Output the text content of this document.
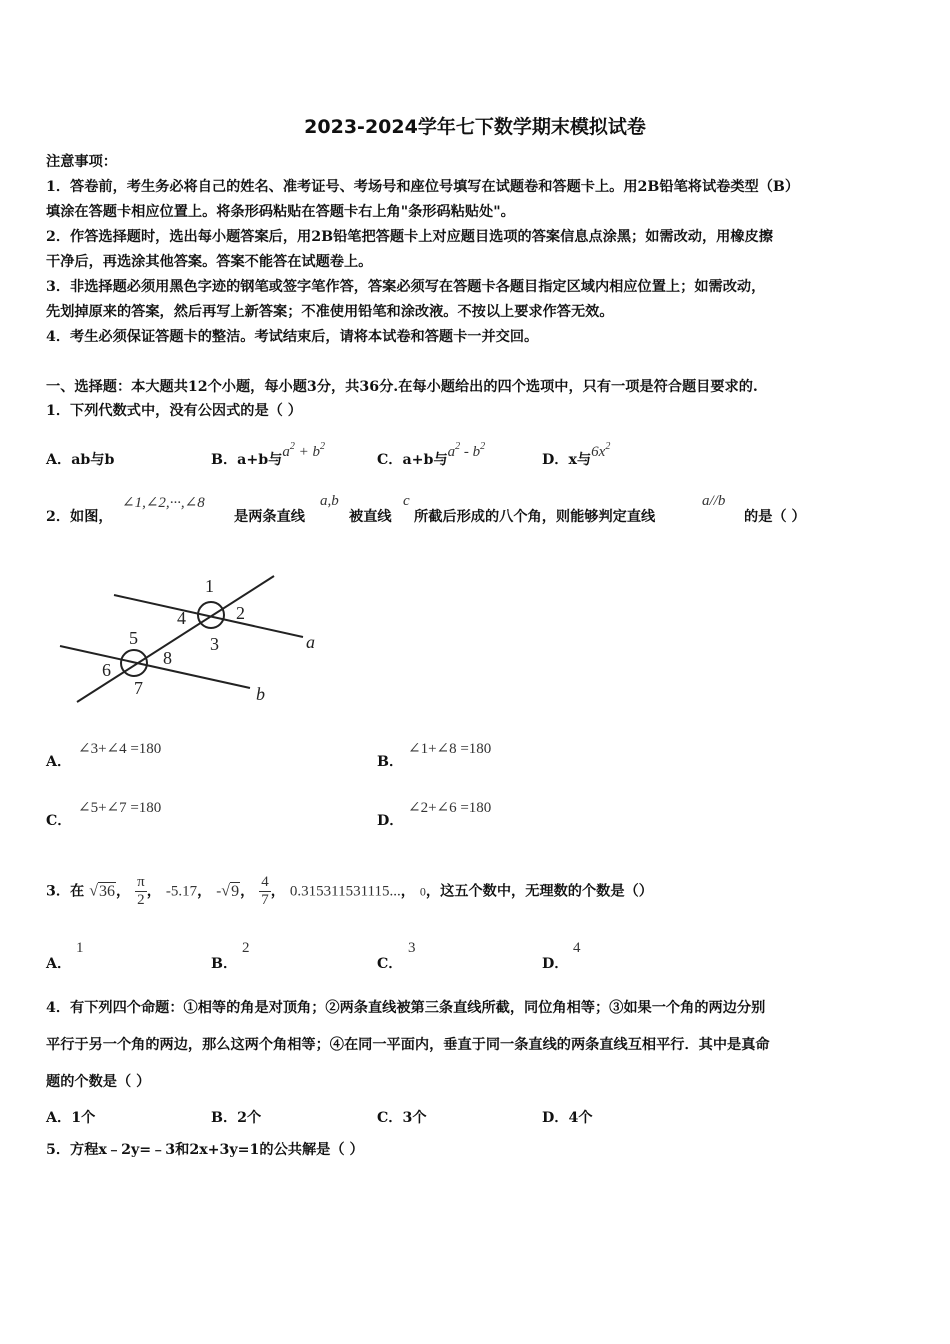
2023-2024学年七下数学期末模拟试卷
注意事项：
1．答卷前，考生务必将自己的姓名、准考证号、考场号和座位号填写在试题卷和答题卡上。用2B铅笔将试卷类型（B）
填涂在答题卡相应位置上。将条形码粘贴在答题卡右上角"条形码粘贴处"。
2．作答选择题时，选出每小题答案后，用2B铅笔把答题卡上对应题目选项的答案信息点涂黑；如需改动，用橡皮擦
干净后，再选涂其他答案。答案不能答在试题卷上。
3．非选择题必须用黑色字迹的钢笔或签字笔作答，答案必须写在答题卡各题目指定区域内相应位置上；如需改动，
先划掉原来的答案，然后再写上新答案；不准使用铅笔和涂改液。不按以上要求作答无效。
4．考生必须保证答题卡的整洁。考试结束后，请将本试卷和答题卡一并交回。
一、选择题：本大题共12个小题，每小题3分，共36分.在每小题给出的四个选项中，只有一项是符合题目要求的.
1．下列代数式中，没有公因式的是（ ）
A．ab与b	B．a+b与$a^2 + b^2$
C．a+b与$a^2 - b^2$
D．x与$6x^2$
2．如图，
∠1,∠2,···,∠8
是两条直线
a,b
被直线
c
所截后形成的八个角，则能够判定直线
a//b
的是（ ）
1
2
3
4
5
6
7
8
a
b
A．
∠3+∠4 =180
B．
∠1+∠8 =180
C．
∠5+∠7 =180
D．
∠2+∠6 =180
3．在 √36， $\frac{\pi}{2}$ ， -5.17， -√9， $\frac{4}{7}$ ， 0.315311531115...， 0，这五个数中，无理数的个数是（）
A．
1
B．
2
C．
3
D．
4
4．有下列四个命题：①相等的角是对顶角；②两条直线被第三条直线所截，同位角相等；③如果一个角的两边分别
平行于另一个角的两边，那么这两个角相等；④在同一平面内，垂直于同一条直线的两条直线互相平行．其中是真命
题的个数是（ ）
A．1个	B．2个	C．3个	D．4个
5．方程x﹣2y=﹣3和2x+3y=1的公共解是（ ）
